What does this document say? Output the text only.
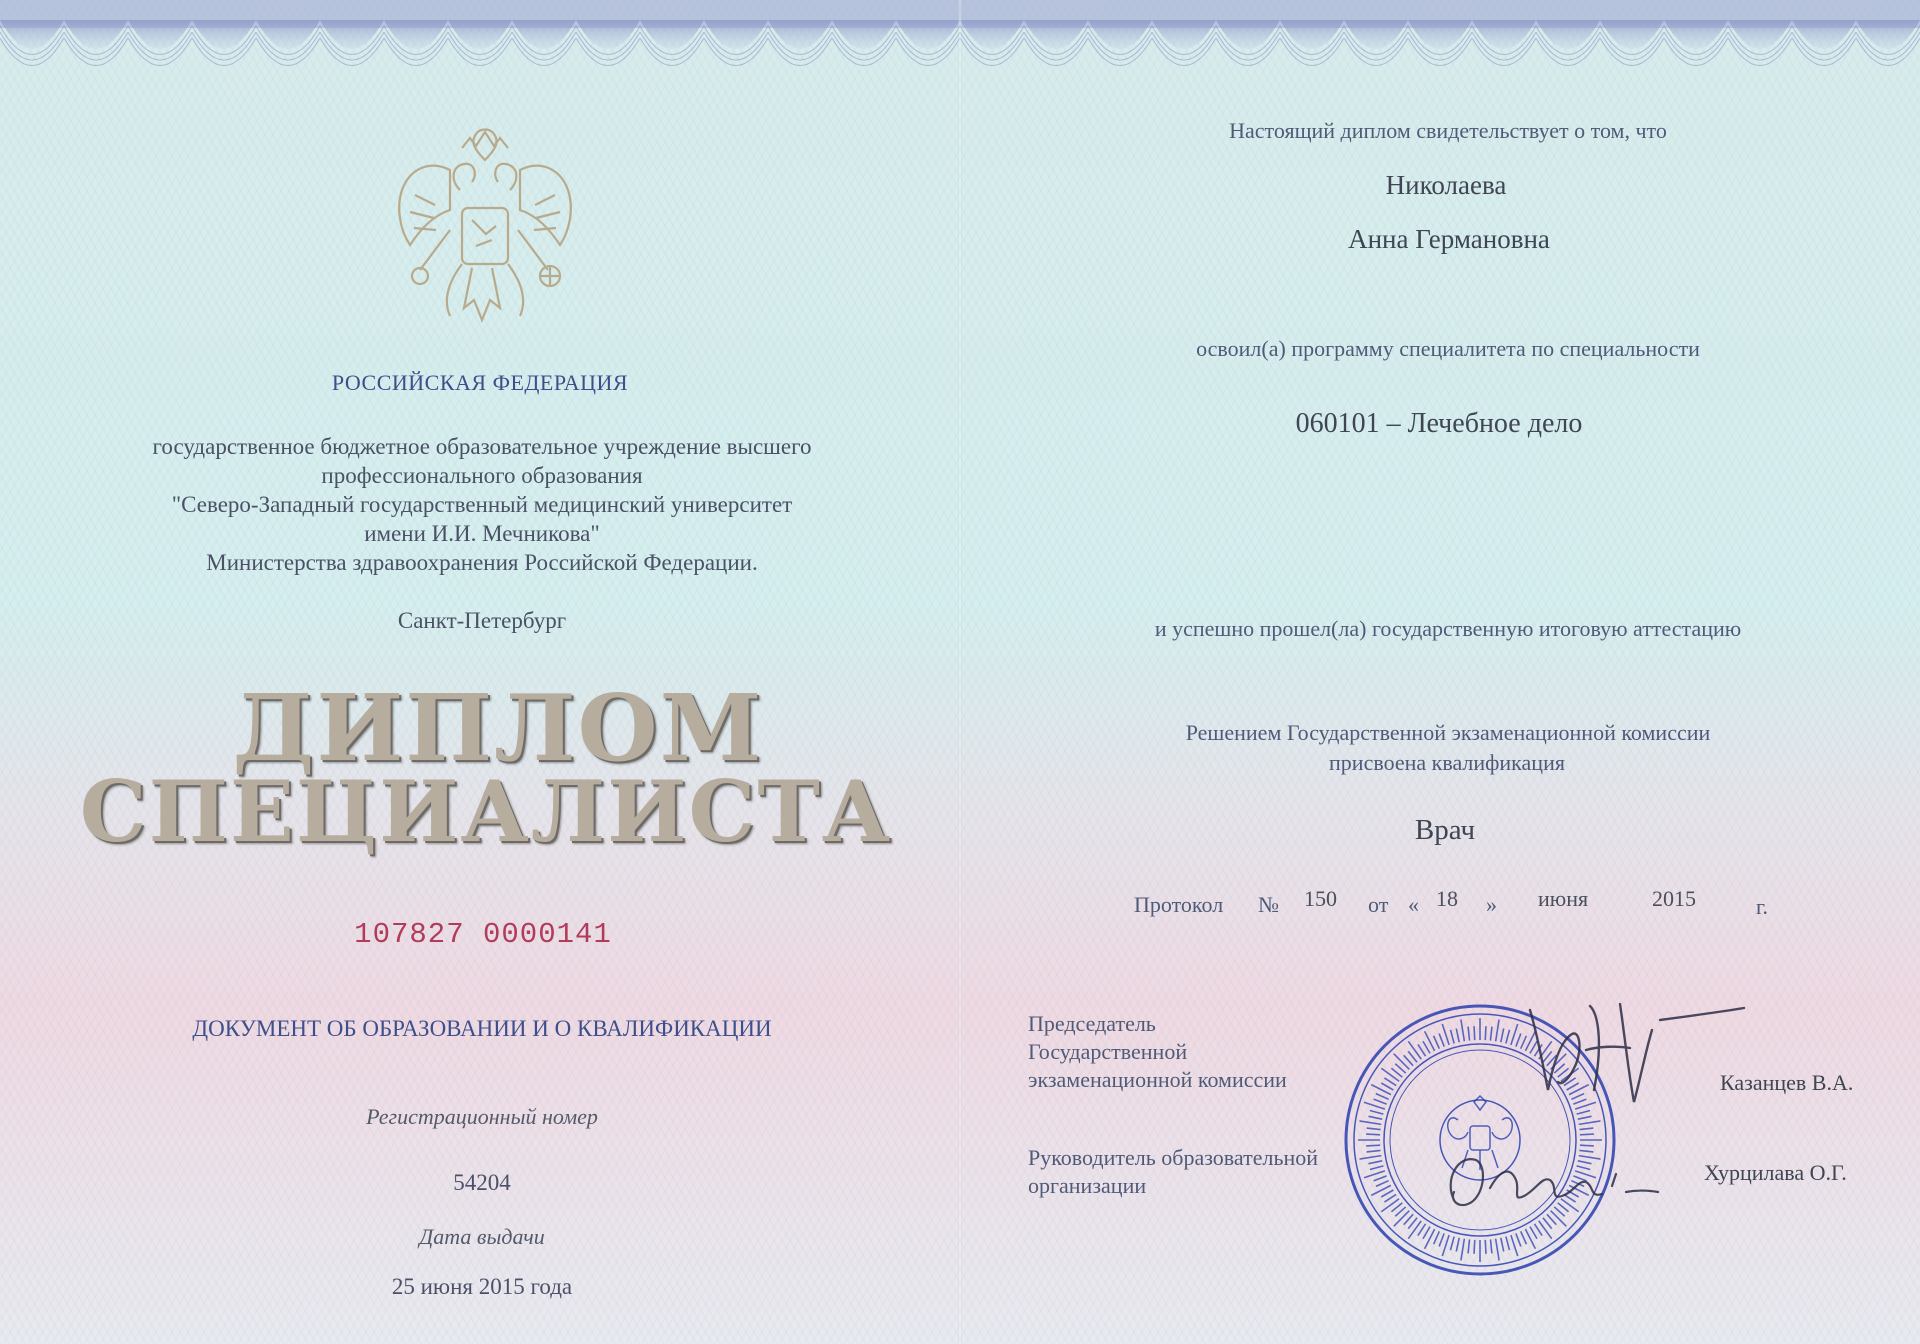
РОССИЙСКАЯ ФЕДЕРАЦИЯ
государственное бюджетное образовательное учреждение высшего
профессионального образования
"Северо-Западный государственный медицинский университет
имени И.И. Мечникова"
Министерства здравоохранения Российской Федерации.
Санкт-Петербург
ДИПЛОМ
СПЕЦИАЛИСТА
107827 0000141
ДОКУМЕНТ ОБ ОБРАЗОВАНИИ И О КВАЛИФИКАЦИИ
Регистрационный номер
54204
Дата выдачи
25 июня 2015 года
Настоящий диплом свидетельствует о том, что
Николаева
Анна Германовна
освоил(а) программу специалитета по специальности
060101 – Лечебное дело
и успешно прошел(ла) государственную итоговую аттестацию
Решением Государственной экзаменационной комиссии
присвоена квалификация
Врач
Протокол № 150 от « 18 » июня	2015	г.
Председатель
Государственной
экзаменационной комиссии	Казанцев В.А.
Руководитель образовательной
организации
Хурцилава О.Г.
